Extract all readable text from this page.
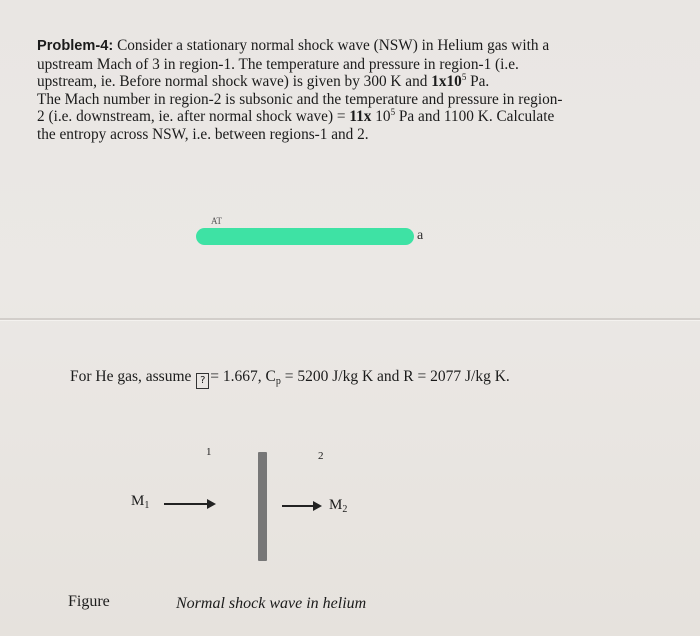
Problem-4: Consider a stationary normal shock wave (NSW) in Helium gas with a
upstream Mach of 3 in region-1. The temperature and pressure in region-1 (i.e.
upstream, ie. Before normal shock wave) is given by 300 K and $1x10^5$ Pa.
The Mach number in region-2 is subsonic and the temperature and pressure in region-
2 (i.e. downstream, ie. after normal shock wave) = 11x $10^5$ Pa and 1100 K. Calculate
the entropy across NSW, i.e. between regions-1 and 2.
AT
a
For He gas, assume ? = 1.667, $C_p = 5200$ J/kg K and R = 2077 J/kg K.
1	2
$M_1$	$M_2$
Figure	Normal shock wave in helium
